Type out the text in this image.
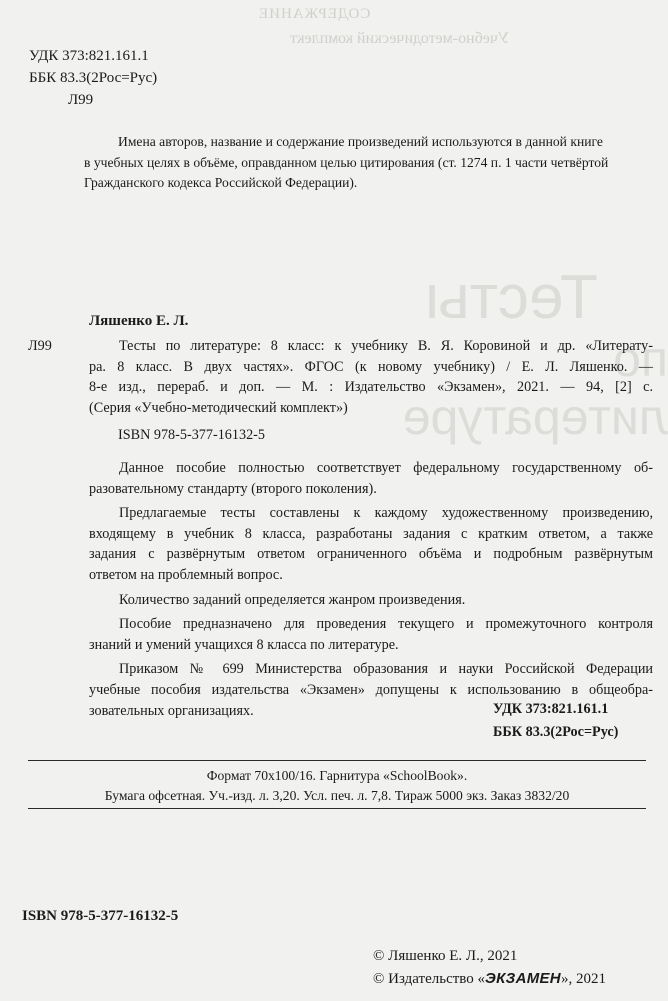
СОДЕРЖАНИЕ
Учебно-методический комплект
Тесты
по литературе
УДК 373:821.161.1
ББК 83.3(2Рос=Рус)
Л99
Имена авторов, название и содержание произведений используются в данной книге
в учебных целях в объёме, оправданном целью цитирования (ст. 1274 п. 1 части четвёртой
Гражданского кодекса Российской Федерации).
Ляшенко Е. Л.
Л99	Тесты по литературе: 8 класс: к учебнику В. Я. Коровиной и др. «Литерату-
ра. 8 класс. В двух частях». ФГОС (к новому учебнику) / Е. Л. Ляшенко. —
8-е изд., перераб. и доп. — М. : Издательство «Экзамен», 2021. — 94, [2] с.
(Серия «Учебно-методический комплект»)
ISBN 978-5-377-16132-5
Данное пособие полностью соответствует федеральному государственному об-
разовательному стандарту (второго поколения).
Предлагаемые тесты составлены к каждому художественному произведению,
входящему в учебник 8 класса, разработаны задания с кратким ответом, а также
задания с развёрнутым ответом ограниченного объёма и подробным развёрнутым
ответом на проблемный вопрос.
Количество заданий определяется жанром произведения.
Пособие предназначено для проведения текущего и промежуточного контроля
знаний и умений учащихся 8 класса по литературе.
Приказом № 699 Министерства образования и науки Российской Федерации
учебные пособия издательства «Экзамен» допущены к использованию в общеобра-
зовательных организациях.	УДК 373:821.161.1
ББК 83.3(2Рос=Рус)
Формат 70x100/16. Гарнитура «SchoolBook».
Бумага офсетная. Уч.-изд. л. 3,20. Усл. печ. л. 7,8. Тираж 5000 экз. Заказ 3832/20
ISBN 978-5-377-16132-5
© Ляшенко Е. Л., 2021
© Издательство «ЭКЗАМЕН», 2021
